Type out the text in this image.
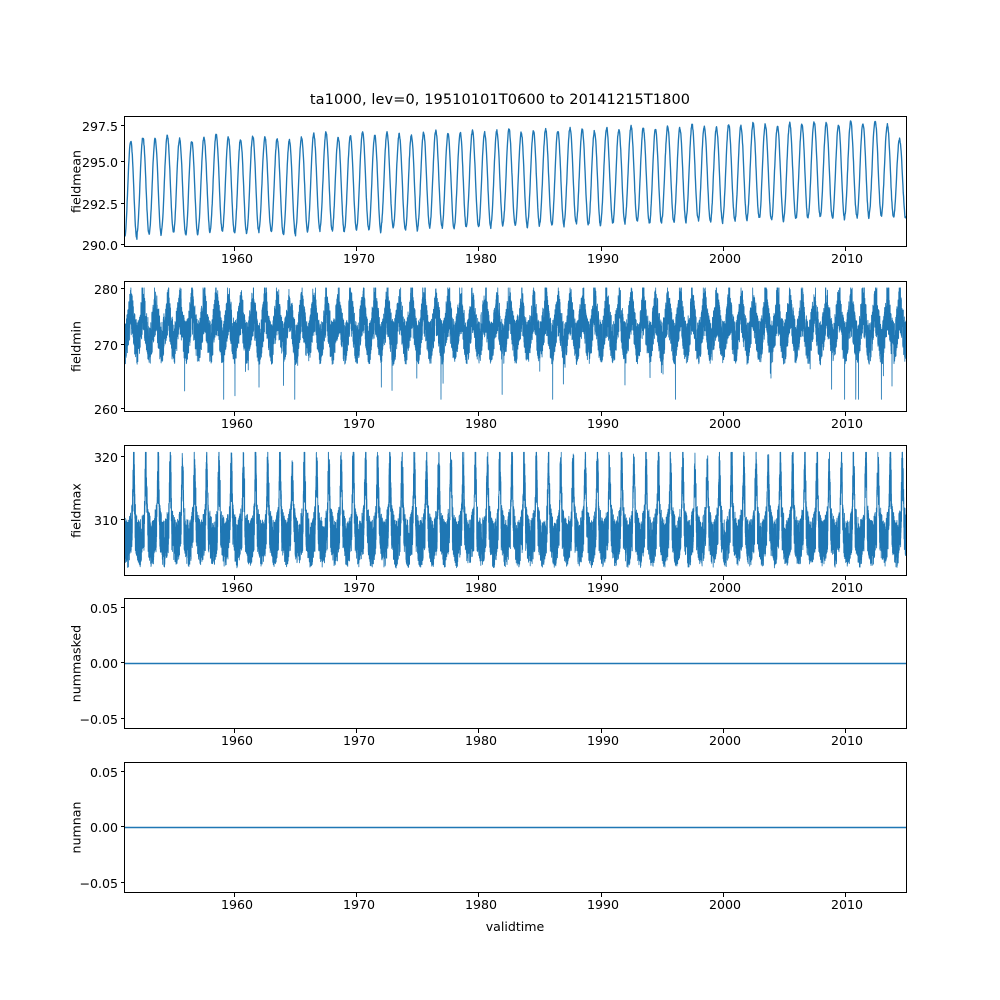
ta1000, lev=0, 19510101T0600 to 20141215T1800
fieldmean
297.5
295.0
292.5
290.0
1960	1970	1980	1990	2000	2010
fieldmin
280
270
260
1960	1970	1980	1990	2000	2010
fieldmax
320
310
1960	1970	1980	1990	2000	2010
nummasked
0.05
0.00
−0.05
1960	1970	1980	1990	2000	2010
numnan
0.05
0.00
−0.05
1960	1970	1980	1990	2000	2010
validtime
